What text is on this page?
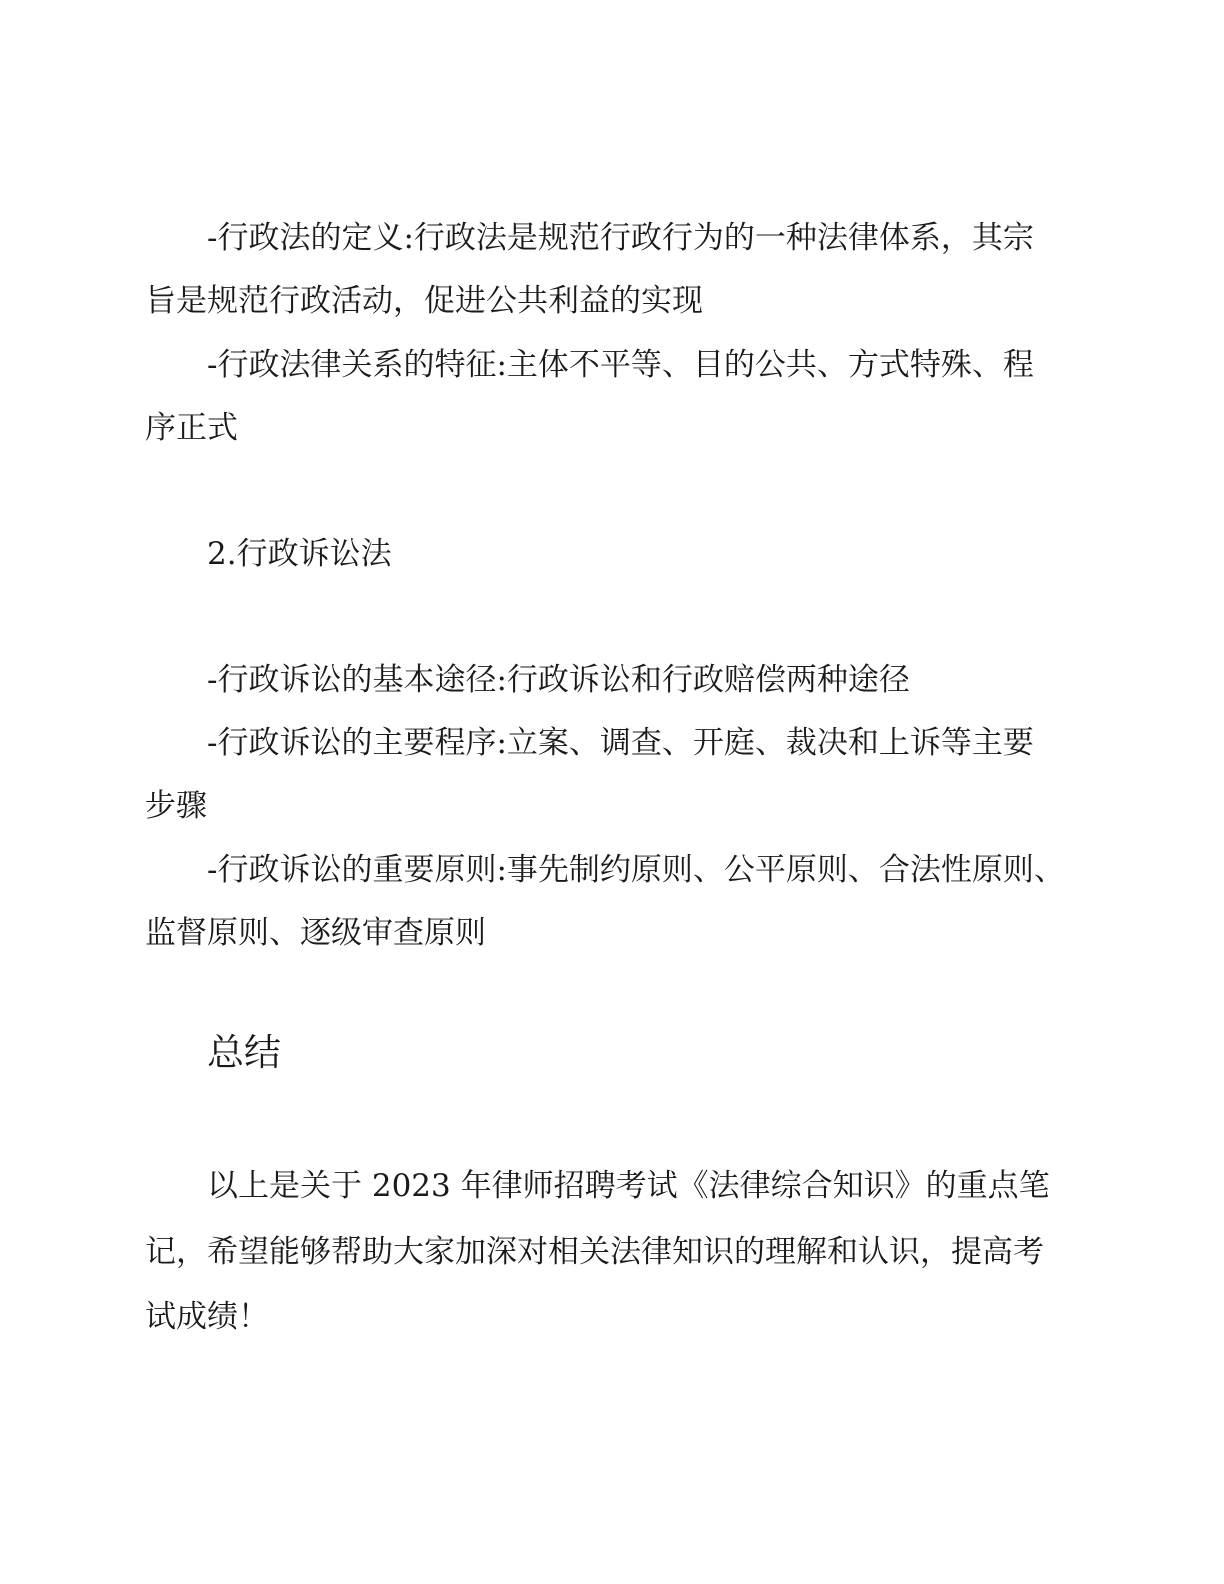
-行政法的定义:行政法是规范行政行为的一种法律体系，其宗
旨是规范行政活动，促进公共利益的实现
-行政法律关系的特征:主体不平等、目的公共、方式特殊、程
序正式
2.行政诉讼法
-行政诉讼的基本途径:行政诉讼和行政赔偿两种途径
-行政诉讼的主要程序:立案、调查、开庭、裁决和上诉等主要
步骤
-行政诉讼的重要原则:事先制约原则、公平原则、合法性原则、
监督原则、逐级审查原则
总结
以上是关于 2023 年律师招聘考试《法律综合知识》的重点笔
记，希望能够帮助大家加深对相关法律知识的理解和认识，提高考
试成绩！
